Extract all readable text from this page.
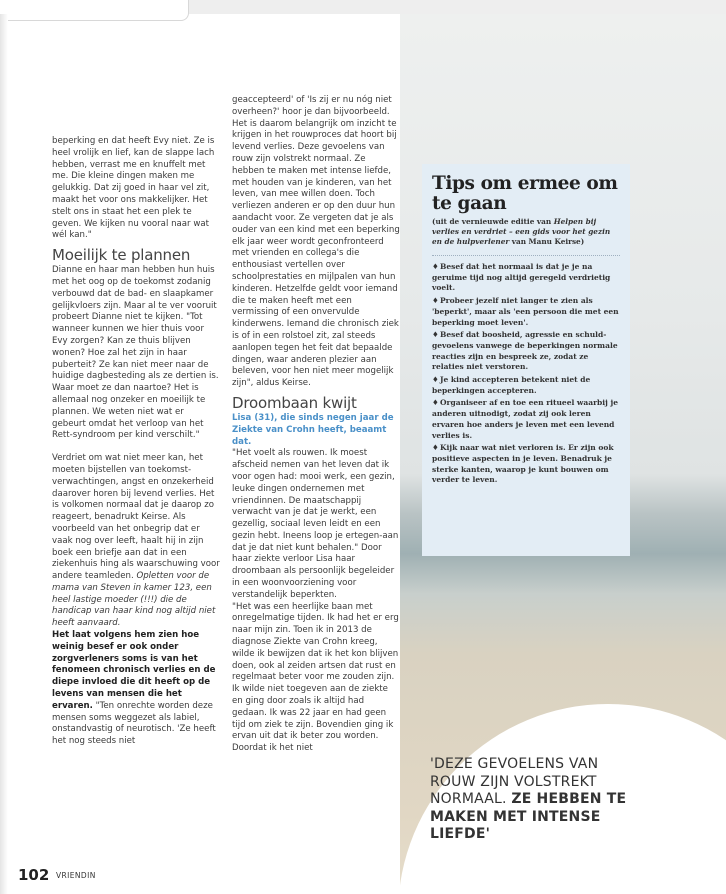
beperking en dat heeft Evy niet. Ze is heel vrolijk en lief, kan de slappe lach hebben, verrast me en knuffelt met me. Die kleine dingen maken me gelukkig. Dat zij goed in haar vel zit, maakt het voor ons makkelijker. Het stelt ons in staat het een plek te geven. We kijken nu vooral naar wat wél kan."

Moeilijk te plannen

Dianne en haar man hebben hun huis met het oog op de toekomst zodanig verbouwd dat de bad- en slaapkamer gelijkvloers zijn. Maar al te ver vooruit probeert Dianne niet te kijken. "Tot wanneer kunnen we hier thuis voor Evy zorgen? Kan ze thuis blijven wonen? Hoe zal het zijn in haar puberteit? Ze kan niet meer naar de huidige dagbesteding als ze dertien is. Waar moet ze dan naartoe? Het is allemaal nog onzeker en moeilijk te plannen. We weten niet wat er gebeurt omdat het verloop van het Rett-syndroom per kind verschilt."

Verdriet om wat niet meer kan, het moeten bijstellen van toekomst-verwachtingen, angst en onzekerheid daarover horen bij levend verlies. Het is volkomen normaal dat je daarop zo reageert, benadrukt Keirse. Als voorbeeld van het onbegrip dat er vaak nog over leeft, haalt hij in zijn boek een briefje aan dat in een ziekenhuis hing als waarschuwing voor andere teamleden. Opletten voor de mama van Steven in kamer 123, een heel lastige moeder (!!!) die de handicap van haar kind nog altijd niet heeft aanvaard.

Het laat volgens hem zien hoe weinig besef er ook onder zorgverleners soms is van het fenomeen chronisch verlies en de diepe invloed die dit heeft op de levens van mensen die het ervaren. "Ten onrechte worden deze mensen soms weggezet als labiel, onstandvastig of neurotisch. 'Ze heeft het nog steeds niet

geaccepteerd' of 'Is zij er nu nóg niet overheen?' hoor je dan bijvoorbeeld. Het is daarom belangrijk om inzicht te krijgen in het rouwproces dat hoort bij levend verlies. Deze gevoelens van rouw zijn volstrekt normaal. Ze hebben te maken met intense liefde, met houden van je kinderen, van het leven, van mee willen doen. Toch verliezen anderen er op den duur hun aandacht voor. Ze vergeten dat je als ouder van een kind met een beperking elk jaar weer wordt geconfronteerd met vrienden en collega's die enthousiast vertellen over schoolprestaties en mijlpalen van hun kinderen. Hetzelfde geldt voor iemand die te maken heeft met een vermissing of een onvervulde kinderwens. Iemand die chronisch ziek is of in een rolstoel zit, zal steeds aanlopen tegen het feit dat bepaalde dingen, waar anderen plezier aan beleven, voor hen niet meer mogelijk zijn", aldus Keirse.

Droombaan kwijt

Lisa (31), die sinds negen jaar de Ziekte van Crohn heeft, beaamt dat.

"Het voelt als rouwen. Ik moest afscheid nemen van het leven dat ik voor ogen had: mooi werk, een gezin, leuke dingen ondernemen met vriendinnen. De maatschappij verwacht van je dat je werkt, een gezellig, sociaal leven leidt en een gezin hebt. Ineens loop je ertegen-aan dat je dat niet kunt behalen." Door haar ziekte verloor Lisa haar droombaan als persoonlijk begeleider in een woonvoorziening voor verstandelijk beperkten.

"Het was een heerlijke baan met onregelmatige tijden. Ik had het er erg naar mijn zin. Toen ik in 2013 de diagnose Ziekte van Crohn kreeg, wilde ik bewijzen dat ik het kon blijven doen, ook al zeiden artsen dat rust en regelmaat beter voor me zouden zijn. Ik wilde niet toegeven aan de ziekte en ging door zoals ik altijd had gedaan. Ik was 22 jaar en had geen tijd om ziek te zijn. Bovendien ging ik ervan uit dat ik beter zou worden. Doordat ik het niet

Tips om ermee om te gaan

(uit de vernieuwde editie van Helpen bij verlies en verdriet – een gids voor het gezin en de hulpverlener van Manu Keirse)

♦Besef dat het normaal is dat je je na geruime tijd nog altijd geregeld verdrietig voelt.
♦Probeer jezelf niet langer te zien als 'beperkt', maar als 'een persoon die met een beperking moet leven'.
♦Besef dat boosheid, agressie en schuld-gevoelens vanwege de beperkingen normale reacties zijn en bespreek ze, zodat ze relaties niet verstoren.
♦Je kind accepteren betekent niet de beperkingen accepteren.
♦Organiseer af en toe een ritueel waarbij je anderen uitnodigt, zodat zij ook leren ervaren hoe anders je leven met een levend verlies is.
♦Kijk naar wat niet verloren is. Er zijn ook positieve aspecten in je leven. Benadruk je sterke kanten, waarop je kunt bouwen om verder te leven.
'DEZE GEVOELENS VAN ROUW ZIJN VOLSTREKT NORMAAL. ZE HEBBEN TE MAKEN MET INTENSE LIEFDE'
102 VRIENDIN
